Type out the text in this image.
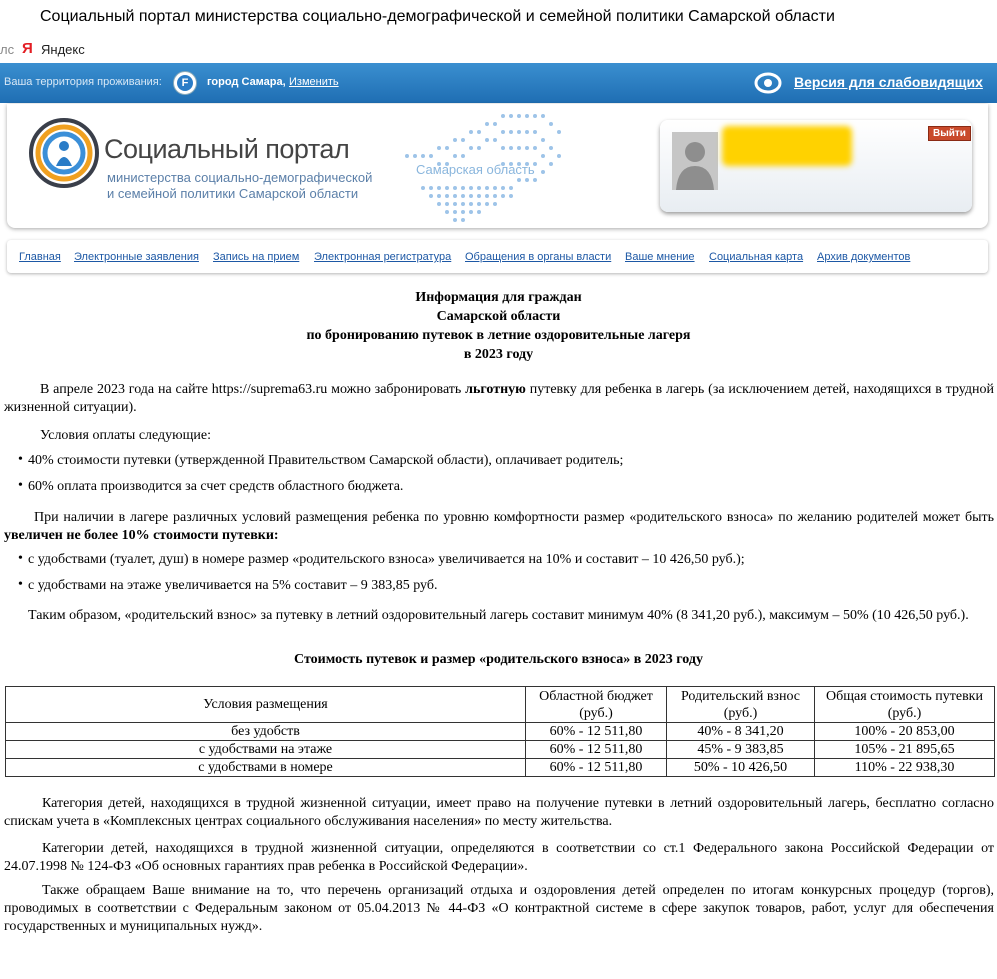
Социальный портал министерства социально-демографической и семейной политики Самарской области
лс Я Яндекс
Ваша территория проживания:	F	город Самара, Изменить	Версия для слабовидящих
Социальный портал
министерства социально-демографической
и семейной политики Самарской области
Самарская область
Выйти
Главная Электронные заявления Запись на прием Электронная регистратура Обращения в органы власти Ваше мнение Социальная карта Архив документов
Информация для граждан
Самарской области
по бронированию путевок в летние оздоровительные лагеря
в 2023 году
В апреле 2023 года на сайте https://suprema63.ru можно забронировать льготную путевку для ребенка в лагерь (за исключением детей, находящихся в трудной жизненной ситуации).
Условия оплаты следующие:
• 40% стоимости путевки (утвержденной Правительством Самарской области), оплачивает родитель;
• 60% оплата производится за счет средств областного бюджета.
При наличии в лагере различных условий размещения ребенка по уровню комфортности размер «родительского взноса» по желанию родителей может быть увеличен не более 10% стоимости путевки:
• с удобствами (туалет, душ) в номере размер «родительского взноса» увеличивается на 10% и составит – 10 426,50 руб.);
• с удобствами на этаже увеличивается на 5% составит – 9 383,85 руб.
Таким образом, «родительский взнос» за путевку в летний оздоровительный лагерь составит минимум 40% (8 341,20 руб.), максимум – 50% (10 426,50 руб.).
Стоимость путевок и размер «родительского взноса» в 2023 году
Условия размещения	Областной бюджет (руб.)	Родительский взнос (руб.)	Общая стоимость путевки (руб.)
без удобств	60% - 12 511,80	40% - 8 341,20	100% - 20 853,00
с удобствами на этаже	60% - 12 511,80	45% - 9 383,85	105% - 21 895,65
с удобствами в номере	60% - 12 511,80	50% - 10 426,50	110% - 22 938,30
Категория детей, находящихся в трудной жизненной ситуации, имеет право на получение путевки в летний оздоровительный лагерь, бесплатно согласно спискам учета в «Комплексных центрах социального обслуживания населения» по месту жительства.
Категории детей, находящихся в трудной жизненной ситуации, определяются в соответствии со ст.1 Федерального закона Российской Федерации от 24.07.1998 № 124-ФЗ «Об основных гарантиях прав ребенка в Российской Федерации».
Также обращаем Ваше внимание на то, что перечень организаций отдыха и оздоровления детей определен по итогам конкурсных процедур (торгов), проводимых в соответствии с Федеральным законом от 05.04.2013 № 44-ФЗ «О контрактной системе в сфере закупок товаров, работ, услуг для обеспечения государственных и муниципальных нужд».
